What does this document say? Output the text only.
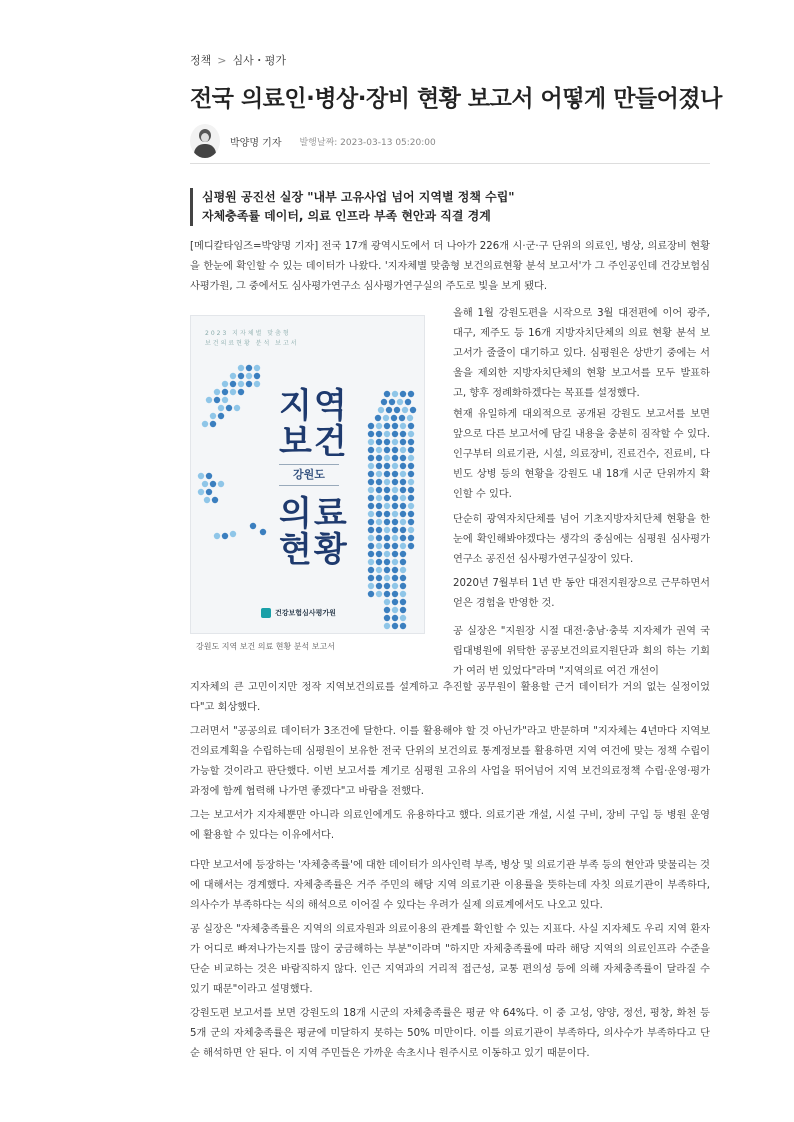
정책 > 심사・평가
전국 의료인·병상·장비 현황 보고서 어떻게 만들어졌나
박양명 기자 발행날짜: 2023-03-13 05:20:00
심평원 공진선 실장 "내부 고유사업 넘어 지역별 정책 수립"
자체충족률 데이터, 의료 인프라 부족 현안과 직결 경계

[메디칼타임즈=박양명 기자] 전국 17개 광역시도에서 더 나아가 226개 시·군·구 단위의 의료인, 병상, 의료장비 현황을 한눈에 확인할 수 있는 데이터가 나왔다. '지자체별 맞춤형 보건의료현황 분석 보고서'가 그 주인공인데 건강보험심사평가원, 그 중에서도 심사평가연구소 심사평가연구실의 주도로 빛을 보게 됐다.

2023 지자체별 맞춤형
보건의료현황 분석 보고서
지역
보건
강원도
의료
현황
건강보험심사평가원
강원도 지역 보건 의료 현황 분석 보고서

올해 1월 강원도편을 시작으로 3월 대전편에 이어 광주, 대구, 제주도 등 16개 지방자치단체의 의료 현황 분석 보고서가 줄줄이 대기하고 있다. 심평원은 상반기 중에는 서울을 제외한 지방자치단체의 현황 보고서를 모두 발표하고, 향후 정례화하겠다는 목표를 설정했다.

현재 유일하게 대외적으로 공개된 강원도 보고서를 보면 앞으로 다른 보고서에 담길 내용을 충분히 짐작할 수 있다. 인구부터 의료기관, 시설, 의료장비, 진료건수, 진료비, 다빈도 상병 등의 현황을 강원도 내 18개 시군 단위까지 확인할 수 있다.

단순히 광역자치단체를 넘어 기초지방자치단체 현황을 한눈에 확인해봐야겠다는 생각의 중심에는 심평원 심사평가연구소 공진선 심사평가연구실장이 있다.

2020년 7월부터 1년 반 동안 대전지원장으로 근무하면서 얻은 경험을 반영한 것.

공 실장은 "지원장 시절 대전·충남·충북 지자체가 권역 국립대병원에 위탁한 공공보건의료지원단과 회의 하는 기회가 여러 번 있었다"라며 "지역의료 여건 개선이

지자체의 큰 고민이지만 정작 지역보건의료를 설계하고 추진할 공무원이 활용할 근거 데이터가 거의 없는 실정이었다"고 회상했다.

그러면서 "공공의료 데이터가 3조건에 달한다. 이를 활용해야 할 것 아닌가"라고 반문하며 "지자체는 4년마다 지역보건의료계획을 수립하는데 심평원이 보유한 전국 단위의 보건의료 통계정보를 활용하면 지역 여건에 맞는 정책 수립이 가능할 것이라고 판단했다. 이번 보고서를 계기로 심평원 고유의 사업을 뛰어넘어 지역 보건의료정책 수립·운영·평가 과정에 함께 협력해 나가면 좋겠다"고 바람을 전했다.

그는 보고서가 지자체뿐만 아니라 의료인에게도 유용하다고 했다. 의료기관 개설, 시설 구비, 장비 구입 등 병원 운영에 활용할 수 있다는 이유에서다.

다만 보고서에 등장하는 '자체충족률'에 대한 데이터가 의사인력 부족, 병상 및 의료기관 부족 등의 현안과 맞물리는 것에 대해서는 경계했다. 자체충족률은 거주 주민의 해당 지역 의료기관 이용률을 뜻하는데 자칫 의료기관이 부족하다, 의사수가 부족하다는 식의 해석으로 이어질 수 있다는 우려가 실제 의료계에서도 나오고 있다.

공 실장은 "자체충족률은 지역의 의료자원과 의료이용의 관계를 확인할 수 있는 지표다. 사실 지자체도 우리 지역 환자가 어디로 빠져나가는지를 많이 궁금해하는 부분"이라며 "하지만 자체충족률에 따라 해당 지역의 의료인프라 수준을 단순 비교하는 것은 바람직하지 않다. 인근 지역과의 거리적 접근성, 교통 편의성 등에 의해 자체충족률이 달라질 수 있기 때문"이라고 설명했다.

강원도편 보고서를 보면 강원도의 18개 시군의 자체충족률은 평균 약 64%다. 이 중 고성, 양양, 정선, 평창, 화천 등 5개 군의 자체충족률은 평균에 미달하지 못하는 50% 미만이다. 이를 의료기관이 부족하다, 의사수가 부족하다고 단순 해석하면 안 된다. 이 지역 주민들은 가까운 속초시나 원주시로 이동하고 있기 때문이다.
